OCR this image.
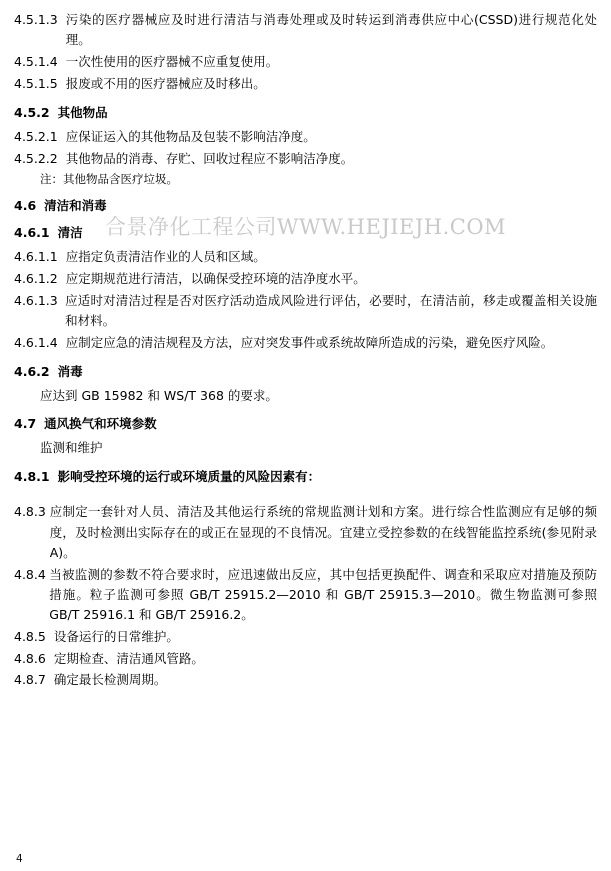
合景净化工程公司WWW.HEJIEJH.COM
4.5.1.3 污染的医疗器械应及时进行清洁与消毒处理或及时转运到消毒供应中心(CSSD)进行规范化处理。
4.5.1.4 一次性使用的医疗器械不应重复使用。
4.5.1.5 报废或不用的医疗器械应及时移出。
4.5.2 其他物品
4.5.2.1 应保证运入的其他物品及包装不影响洁净度。
4.5.2.2 其他物品的消毒、存贮、回收过程应不影响洁净度。
注：其他物品含医疗垃圾。
4.6 清洁和消毒
4.6.1 清洁
4.6.1.1 应指定负责清洁作业的人员和区域。
4.6.1.2 应定期规范进行清洁，以确保受控环境的洁净度水平。
4.6.1.3 应适时对清洁过程是否对医疗活动造成风险进行评估，必要时，在清洁前，移走或覆盖相关设施和材料。
4.6.1.4 应制定应急的清洁规程及方法，应对突发事件或系统故障所造成的污染，避免医疗风险。
4.6.2 消毒
应达到 GB 15982 和 WS/T 368 的要求。
4.7 通风换气和环境参数
监测和维护
4.8.1 影响受控环境的运行或环境质量的风险因素有：
4.8.3 应制定一套针对人员、清洁及其他运行系统的常规监测计划和方案。进行综合性监测应有足够的频度，及时检测出实际存在的或正在显现的不良情况。宜建立受控参数的在线智能监控系统(参见附录 A)。
4.8.4 当被监测的参数不符合要求时，应迅速做出反应，其中包括更换配件、调查和采取应对措施及预防措施。粒子监测可参照 GB/T 25915.2—2010 和 GB/T 25915.3—2010。微生物监测可参照 GB/T 25916.1 和 GB/T 25916.2。
4.8.5 设备运行的日常维护。
4.8.6 定期检查、清洁通风管路。
4.8.7 确定最长检测周期。
4
